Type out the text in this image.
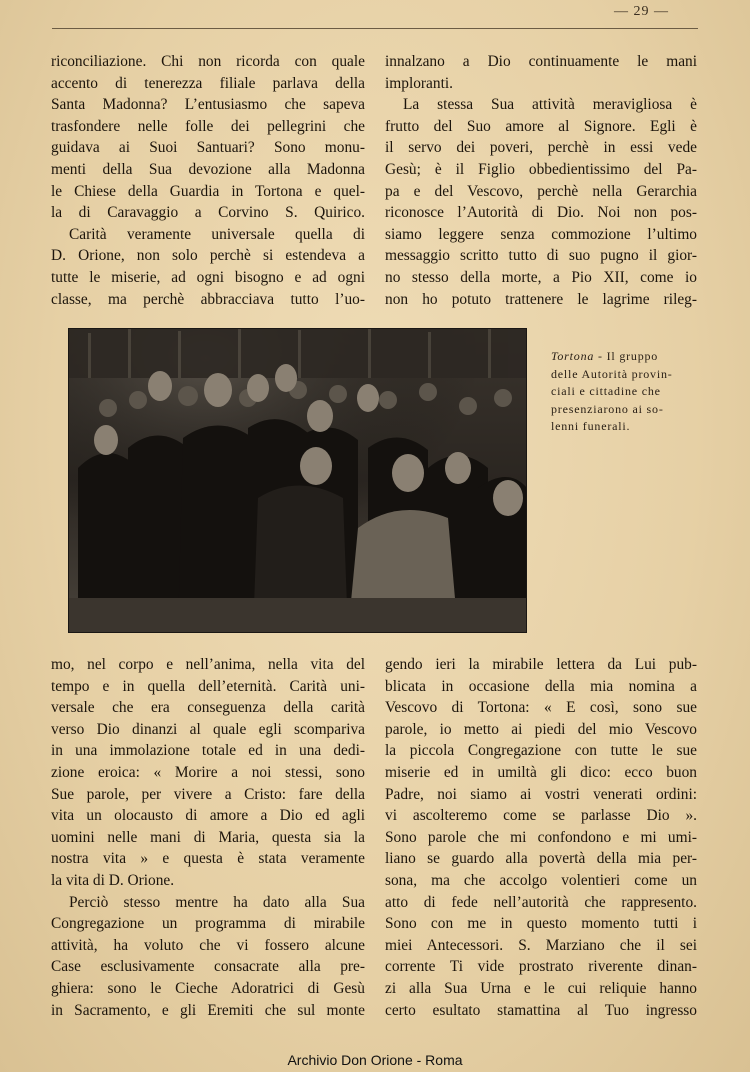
— 29 —
riconciliazione. Chi non ricorda con quale
accento di tenerezza filiale parlava della
Santa Madonna? L’entusiasmo che sapeva
trasfondere nelle folle dei pellegrini che
guidava ai Suoi Santuari? Sono monu-
menti della Sua devozione alla Madonna
le Chiese della Guardia in Tortona e quel-
la di Caravaggio a Corvino S. Quirico.
Carità veramente universale quella di
D. Orione, non solo perchè si estendeva a
tutte le miserie, ad ogni bisogno e ad ogni
classe, ma perchè abbracciava tutto l’uo-
innalzano a Dio continuamente le mani
imploranti.
La stessa Sua attività meravigliosa è
frutto del Suo amore al Signore. Egli è
il servo dei poveri, perchè in essi vede
Gesù; è il Figlio obbedientissimo del Pa-
pa e del Vescovo, perchè nella Gerarchia
riconosce l’Autorità di Dio. Noi non pos-
siamo leggere senza commozione l’ultimo
messaggio scritto tutto di suo pugno il gior-
no stesso della morte, a Pio XII, come io
non ho potuto trattenere le lagrime rileg-
Tortona - Il gruppo
delle Autorità provin-
ciali e cittadine che
presenziarono ai so-
lenni funerali.
mo, nel corpo e nell’anima, nella vita del
tempo e in quella dell’eternità. Carità uni-
versale che era conseguenza della carità
verso Dio dinanzi al quale egli scompariva
in una immolazione totale ed in una dedi-
zione eroica: « Morire a noi stessi, sono
Sue parole, per vivere a Cristo: fare della
vita un olocausto di amore a Dio ed agli
uomini nelle mani di Maria, questa sia la
nostra vita » e questa è stata veramente
la vita di D. Orione.
Perciò stesso mentre ha dato alla Sua
Congregazione un programma di mirabile
attività, ha voluto che vi fossero alcune
Case esclusivamente consacrate alla pre-
ghiera: sono le Cieche Adoratrici di Gesù
in Sacramento, e gli Eremiti che sul monte
gendo ieri la mirabile lettera da Lui pub-
blicata in occasione della mia nomina a
Vescovo di Tortona: « E così, sono sue
parole, io metto ai piedi del mio Vescovo
la piccola Congregazione con tutte le sue
miserie ed in umiltà gli dico: ecco buon
Padre, noi siamo ai vostri venerati ordini:
vi ascolteremo come se parlasse Dio ».
Sono parole che mi confondono e mi umi-
liano se guardo alla povertà della mia per-
sona, ma che accolgo volentieri come un
atto di fede nell’autorità che rappresento.
Sono con me in questo momento tutti i
miei Antecessori. S. Marziano che il sei
corrente Ti vide prostrato riverente dinan-
zi alla Sua Urna e le cui reliquie hanno
certo esultato stamattina al Tuo ingresso
Archivio Don Orione - Roma
